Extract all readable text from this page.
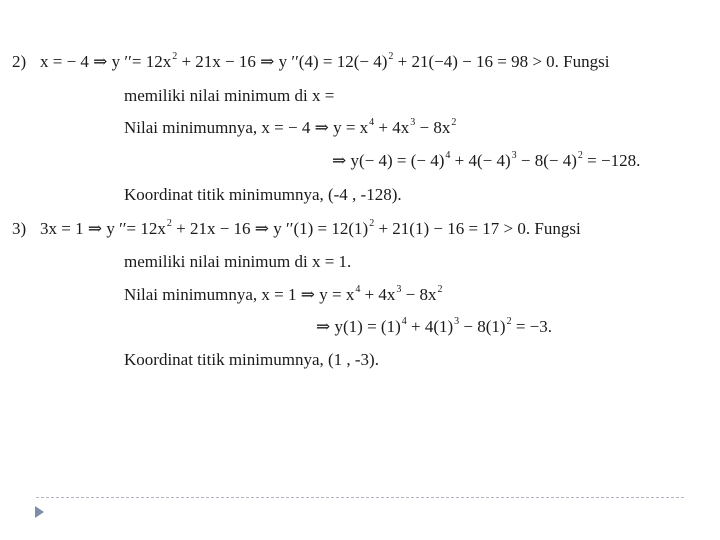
2) x = − 4 ⇒ y ′′= $12x^2 + 21x - 16$ ⇒ y $''(4) = 12(- 4)^2 + 21(-4) - 16 = 98 > 0$. Fungsi
memiliki nilai minimum di x =
Nilai minimumnya, x = − 4 ⇒ $y = x^4 + 4x^3 - 8x^2$
⇒ y(− 4) = (− $4)^4 + 4(- 4)^3 - 8(- 4)^2 = -128$.
Koordinat titik minimumnya, (-4 , -128).
3) 3x = 1 ⇒ y ′′= $12x^2 + 21x - 16$ ⇒ y $''(1) = 12(1)^2 + 21(1) - 16 = 17 > 0$. Fungsi
memiliki nilai minimum di x = 1.
Nilai minimumnya, x = 1 ⇒ $y = x^4 + 4x^3 - 8x^2$
⇒ $y(1) = (1)^4 + 4(1)^3 - 8(1)^2 = -3$.
Koordinat titik minimumnya, (1 , -3).
